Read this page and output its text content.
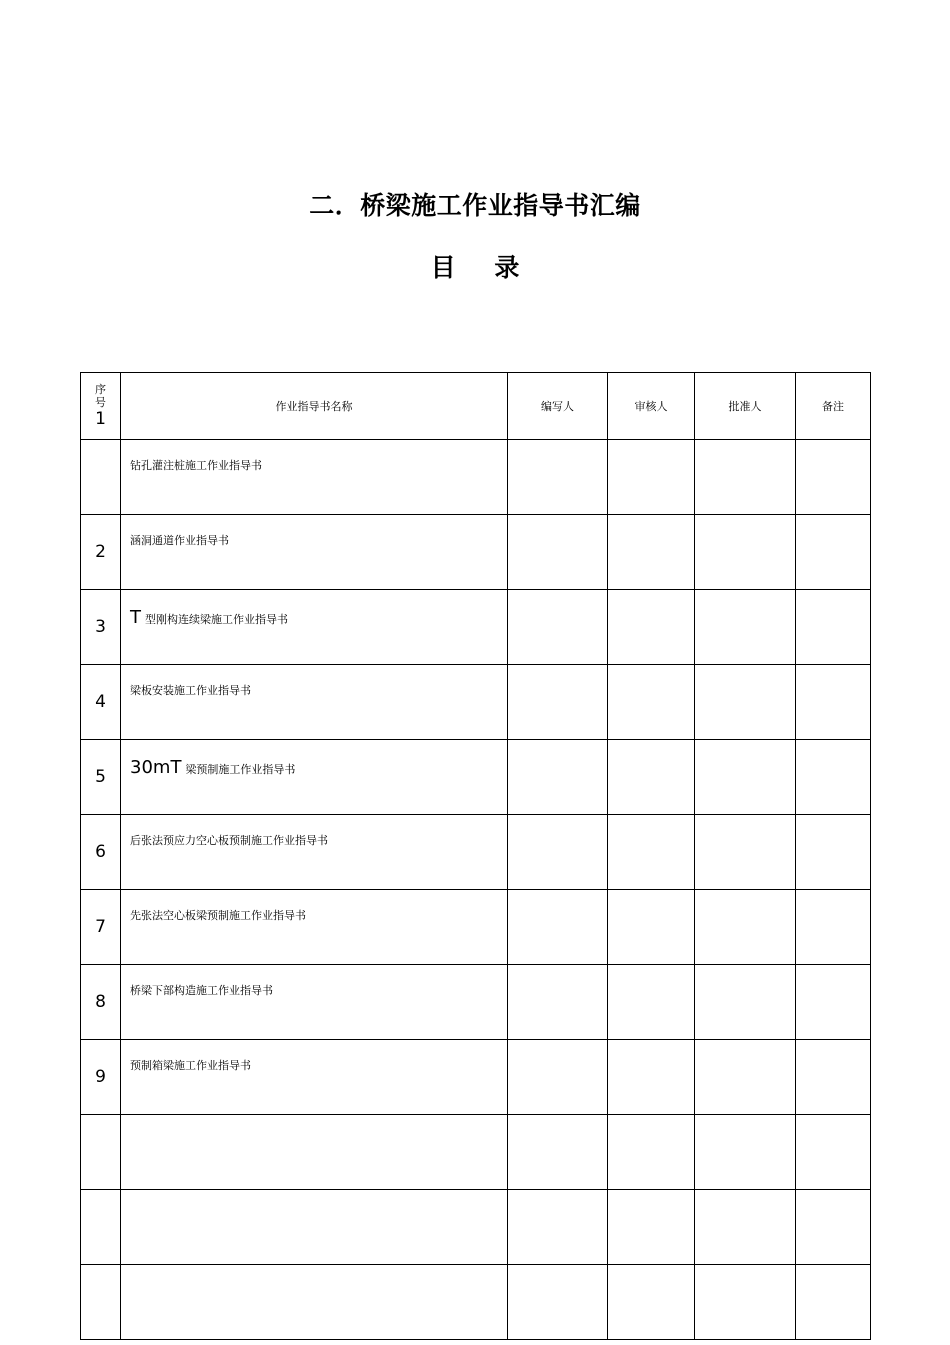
二．桥梁施工作业指导书汇编
目 录
序
号
1	作业指导书名称	编写人	审核人	批准人	备注
	钻孔灌注桩施工作业指导书				
2	涵洞通道作业指导书				
3	T 型刚构连续梁施工作业指导书				
4	梁板安装施工作业指导书				
5	30mT 梁预制施工作业指导书				
6	后张法预应力空心板预制施工作业指导书				
7	先张法空心板梁预制施工作业指导书				
8	桥梁下部构造施工作业指导书				
9	预制箱梁施工作业指导书				
